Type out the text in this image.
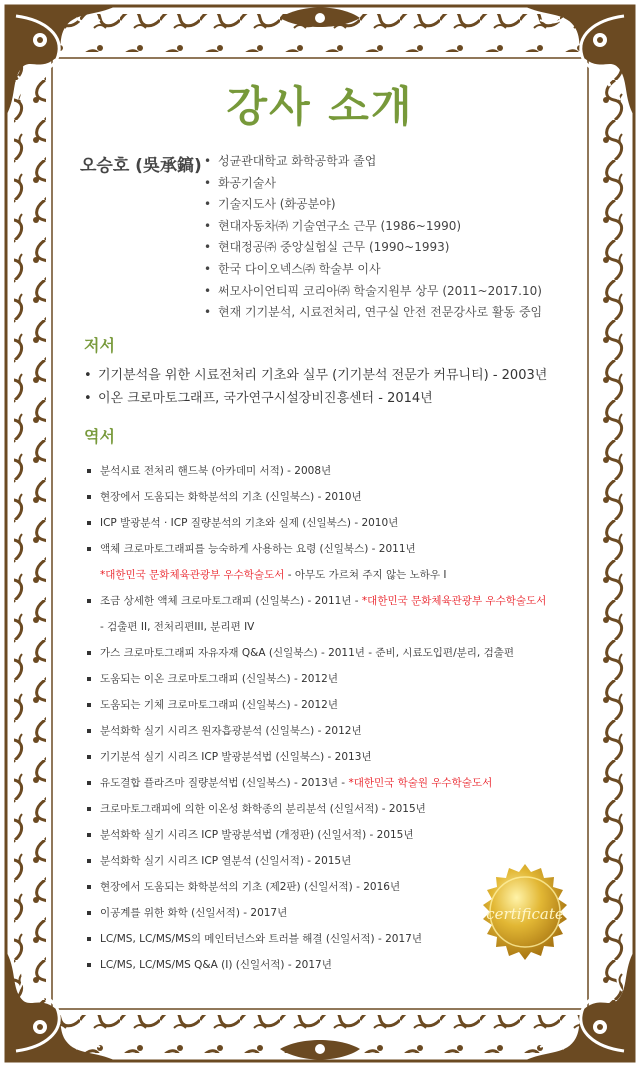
강사 소개
오승호 (吳承鎬)
• 성균관대학교 화학공학과 졸업
• 화공기술사
• 기술지도사 (화공분야)
• 현대자동차㈜ 기술연구소 근무 (1986~1990)
• 현대정공㈜ 중앙실험실 근무 (1990~1993)
• 한국 다이오넥스㈜ 학술부 이사
• 써모사이언티픽 코리아㈜ 학술지원부 상무 (2011~2017.10)
• 현재 기기분석, 시료전처리, 연구실 안전 전문강사로 활동 중임
저서
• 기기분석을 위한 시료전처리 기초와 실무 (기기분석 전문가 커뮤니티) - 2003년
• 이온 크로마토그래프, 국가연구시설장비진흥센터 - 2014년
역서
분석시료 전처리 핸드북 (아카데미 서적) - 2008년
현장에서 도움되는 화학분석의 기초 (신일북스) - 2010년
ICP 발광분석 · ICP 질량분석의 기초와 실제 (신일북스) - 2010년
액체 크로마토그래피를 능숙하게 사용하는 요령 (신일북스) - 2011년
*대한민국 문화체육관광부 우수학술도서 - 아무도 가르쳐 주지 않는 노하우 I
조금 상세한 액체 크로마토그래피 (신일북스) - 2011년 - *대한민국 문화체육관광부 우수학술도서
- 검출편 II, 전처리편III, 분리편 IV
가스 크로마토그래피 자유자재 Q&A (신일북스) - 2011년 - 준비, 시료도입편/분리, 검출편
도움되는 이온 크로마토그래피 (신일북스) - 2012년
도움되는 기체 크로마토그래피 (신일북스) - 2012년
분석화학 실기 시리즈 원자흡광분석 (신일북스) - 2012년
기기분석 실기 시리즈 ICP 발광분석법 (신일북스) - 2013년
유도결합 플라즈마 질량분석법 (신일북스) - 2013년 - *대한민국 학술원 우수학술도서
크로마토그래피에 의한 이온성 화학종의 분리분석 (신일서적) - 2015년
분석화학 실기 시리즈 ICP 발광분석법 (개정판) (신일서적) - 2015년
분석화학 실기 시리즈 ICP 열분석 (신일서적) - 2015년
현장에서 도움되는 화학분석의 기초 (제2판) (신일서적) - 2016년
이공계를 위한 화학 (신일서적) - 2017년
LC/MS, LC/MS/MS의 메인터넌스와 트러블 해결 (신일서적) - 2017년
LC/MS, LC/MS/MS Q&A (I) (신일서적) - 2017년
certificate
